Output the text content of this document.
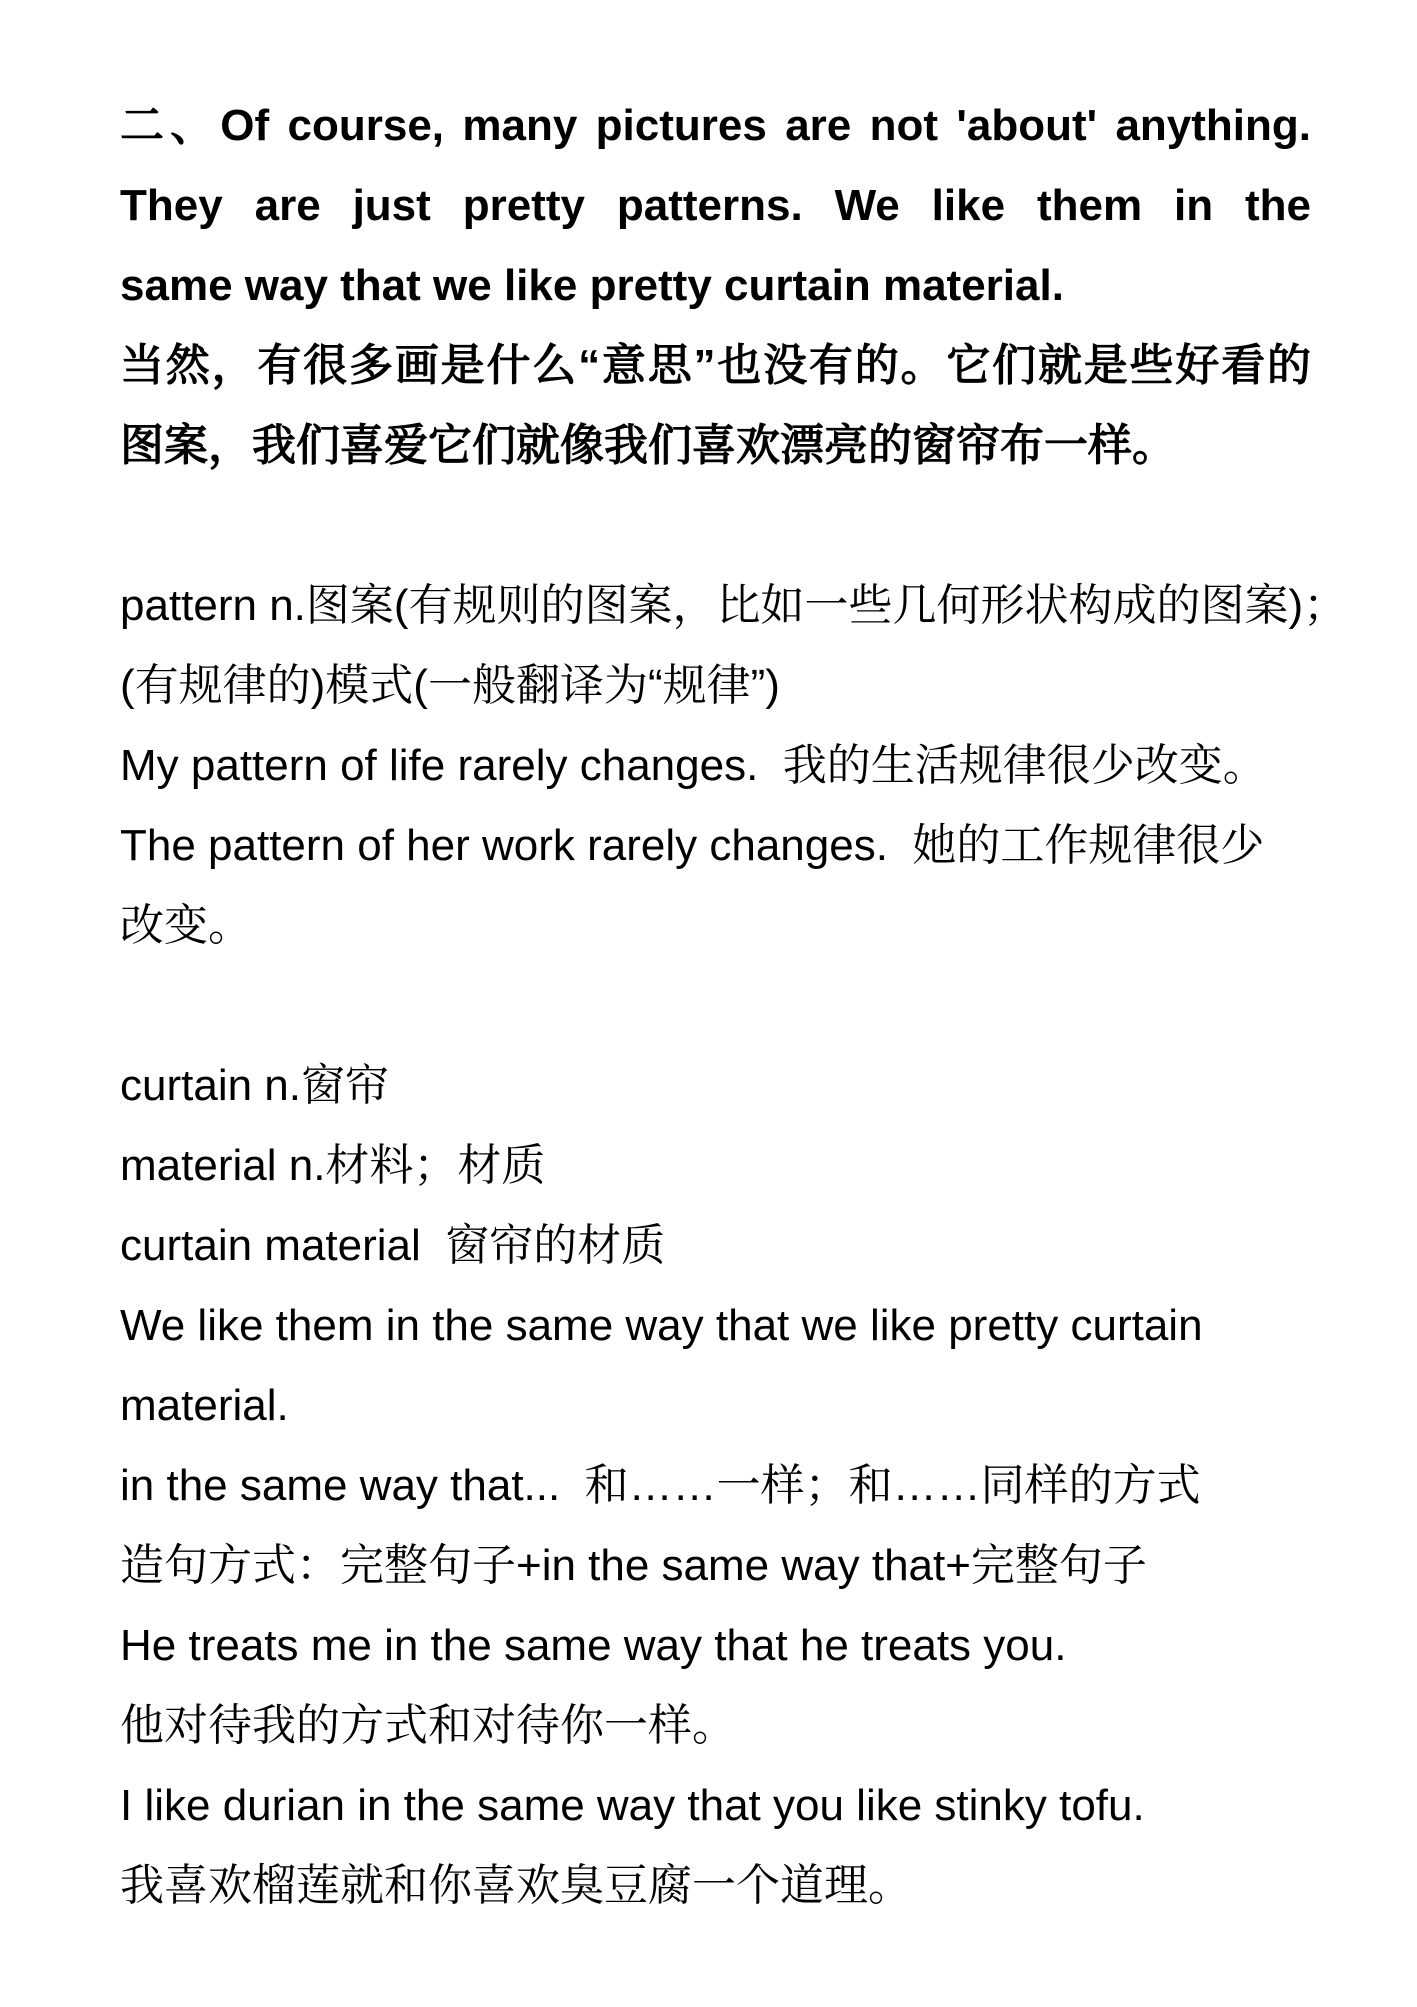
二、Of course, many pictures are not 'about' anything.
They are just pretty patterns. We like them in the
same way that we like pretty curtain material.
当然，有很多画是什么“意思”也没有的。它们就是些好看的
图案，我们喜爱它们就像我们喜欢漂亮的窗帘布一样。
pattern n.图案(有规则的图案，比如一些几何形状构成的图案)；
(有规律的)模式(一般翻译为“规律”)
My pattern of life rarely changes.  我的生活规律很少改变。
The pattern of her work rarely changes.  她的工作规律很少
改变。
curtain n.窗帘
material n.材料；材质
curtain material  窗帘的材质
We like them in the same way that we like pretty curtain
material.
in the same way that...  和……一样；和……同样的方式
造句方式：完整句子+in the same way that+完整句子
He treats me in the same way that he treats you.
他对待我的方式和对待你一样。
I like durian in the same way that you like stinky tofu.
我喜欢榴莲就和你喜欢臭豆腐一个道理。
